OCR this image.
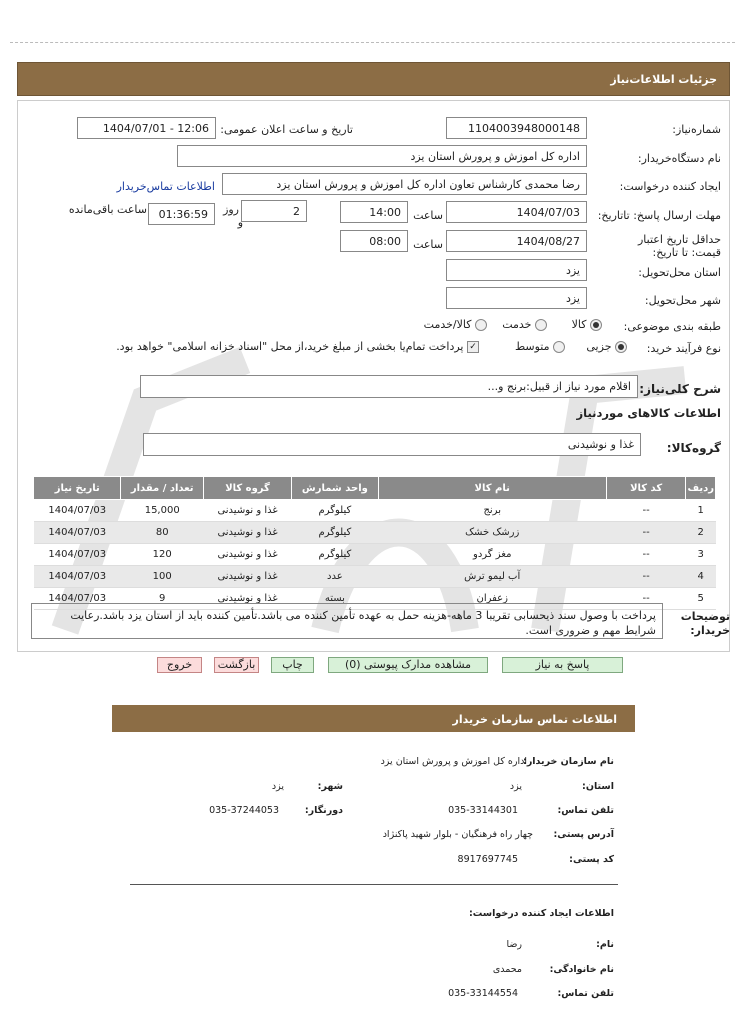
جزئیات اطلاعات‌نیاز
شماره‌نیاز:
1104003948000148
تاریخ و ساعت اعلان عمومی:
1404/07/01 - 12:06
نام دستگاه‌خریدار:
اداره کل اموزش و پرورش استان یزد
ایجاد کننده درخواست:
رضا محمدی کارشناس تعاون اداره کل اموزش و پرورش استان یزد
اطلاعات تماس‌خریدار
مهلت ارسال پاسخ: تاتاریخ:
1404/07/03
ساعت
14:00
2
روز
و
01:36:59
ساعت باقی‌مانده
حداقل تاریخ اعتبار قیمت: تا تاریخ:
1404/08/27
ساعت
08:00
استان محل‌تحویل:
یزد
شهر محل‌تحویل:
یزد
طبقه بندی موضوعی:
کالا
خدمت
کالا/خدمت
نوع فرآیند خرید:
جزیی
متوسط
✓ پرداخت تمام‌یا بخشی از مبلغ خرید،از محل "اسناد خزانه اسلامی" خواهد بود.
شرح کلی‌نیاز:
اقلام مورد نیاز از قبیل:برنج و...
اطلاعات کالاهای موردنیاز
گروه‌کالا:
غذا و نوشیدنی
ردیف	کد کالا	نام کالا	واحد شمارش	گروه کالا	تعداد / مقدار	تاریخ نیاز
1	--	برنج	کیلوگرم	غذا و نوشیدنی	15,000	1404/07/03
2	--	زرشک خشک	کیلوگرم	غذا و نوشیدنی	80	1404/07/03
3	--	مغز گردو	کیلوگرم	غذا و نوشیدنی	120	1404/07/03
4	--	آب لیمو ترش	عدد	غذا و نوشیدنی	100	1404/07/03
5	--	زعفران	بسته	غذا و نوشیدنی	9	1404/07/03
توضیحات خریدار:
پرداخت با وصول سند ذیحسابی تقریبا 3 ماهه-هزینه حمل به عهده تأمین کننده می باشد.تأمین کننده باید از استان یزد باشد.رعایت شرایط مهم و ضروری است.
پاسخ به نیاز
مشاهده مدارک پیوستی (0)
چاپ
بازگشت
خروج
اطلاعات تماس سازمان خریدار
نام سازمان خریدار:
اداره کل اموزش و پرورش استان یزد
استان:
یزد
شهر:
یزد
تلفن تماس:
035-33144301
دورنگار:
035-37244053
آدرس پستی:
چهار راه فرهنگیان - بلوار شهید پاکنژاد
کد پستی:
8917697745
اطلاعات ایجاد کننده درخواست:
نام:
رضا
نام خانوادگی:
محمدی
تلفن تماس:
035-33144554
